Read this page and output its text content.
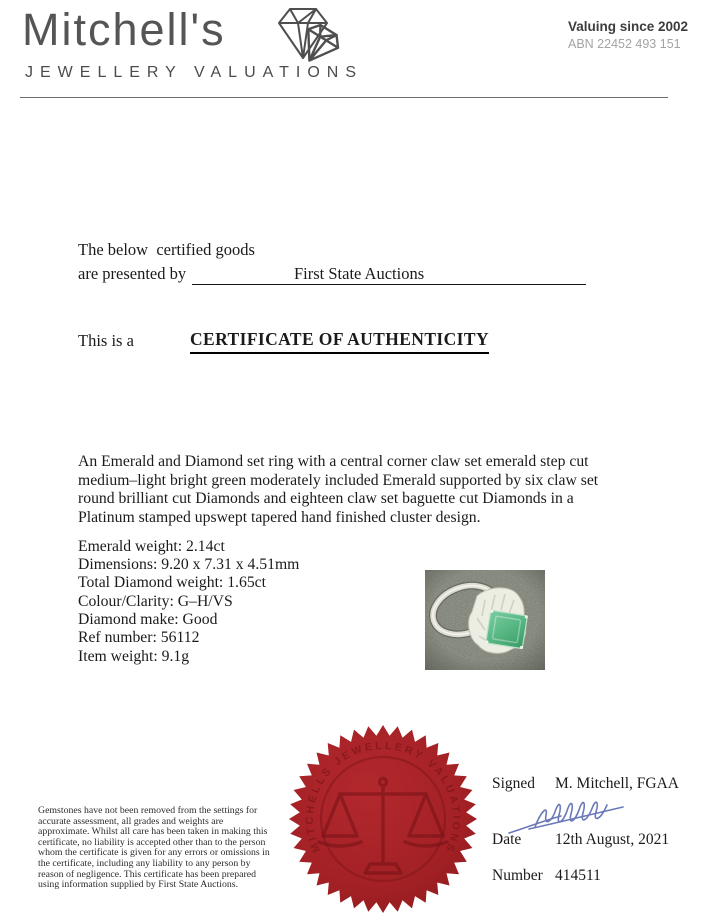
Mitchell's
JEWELLERY VALUATIONS
Valuing since 2002
ABN 22452 493 151
The below  certified goods
are presented by	First State Auctions
This is a	CERTIFICATE OF AUTHENTICITY
An Emerald and Diamond set ring with a central corner claw set emerald step cut medium–light bright green moderately included Emerald supported by six claw set round brilliant cut Diamonds and eighteen claw set baguette cut Diamonds in a Platinum stamped upswept tapered hand finished cluster design.
Emerald weight: 2.14ct
Dimensions: 9.20 x 7.31 x 4.51mm
Total Diamond weight: 1.65ct
Colour/Clarity: G–H/VS
Diamond make: Good
Ref number: 56112
Item weight: 9.1g
Gemstones have not been removed from the settings for accurate assessment, all grades and weights are approximate. Whilst all care has been taken in making this certificate, no liability is accepted other than to the person whom the certificate is given for any errors or omissions in the certificate, including any liability to any person by reason of negligence. This certificate has been prepared using information supplied by First State Auctions.
MITCHELLS JEWELLERY VALUATIONS
Signed M. Mitchell, FGAA
Date 12th August, 2021
Number 414511
